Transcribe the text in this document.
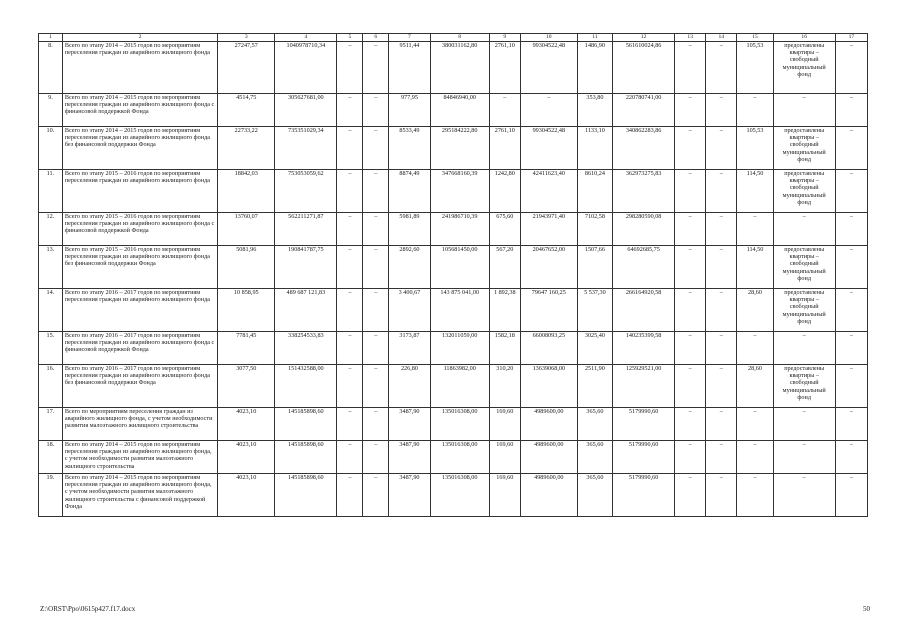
1	2	3	4	5	6	7	8	9	10	11	12	13	14	15	16	17
8.	Всего по этапу 2014 – 2015 годов по мероприятиям переселения граждан из аварийного жилищного фонда	27247,57	1040978710,34	–	–	9511,44	380031162,80	2761,10	99304522,48	1486,90	561610024,86	–	–	105,53	предоставлены квартиры – свободный муниципальный фонд	–
9.	Всего по этапу 2014 – 2015 годов по мероприятиям переселения граждан из аварийного жилищного фонда с финансовой поддержкой Фонда	4514,75	305627681,00	–	–	977,95	84846940,00	–	–	353,80	220780741,00	–	–	–	–	–
10.	Всего по этапу 2014 – 2015 годов по мероприятиям переселения граждан из аварийного жилищного фонда без финансовой поддержки Фонда	22733,22	735351029,34	–	–	8533,49	295184222,80	2761,10	99304522,48	1133,10	340862283,86	–	–	105,53	предоставлены квартиры – свободный муниципальный фонд	–
11.	Всего по этапу 2015 – 2016 годов по мероприятиям переселения граждан из аварийного жилищного фонда	18842,03	753053059,62	–	–	8874,49	347668160,39	1242,80	42411623,40	8610,24	362973275,83	–	–	114,50	предоставлены квартиры – свободный муниципальный фонд	–
12.	Всего по этапу 2015 – 2016 годов по мероприятиям переселения граждан из аварийного жилищного фонда с финансовой поддержкой Фонда	13760,07	562211271,87	–	–	5981,89	241986710,39	675,60	21943971,40	7102,58	298280590,08	–	–	–	–	–
13.	Всего по этапу 2015 – 2016 годов по мероприятиям переселения граждан из аварийного жилищного фонда без финансовой поддержки Фонда	5081,96	190841787,75	–	–	2892,60	105681450,00	567,20	20467652,00	1507,66	64692685,75	–	–	114,50	предоставлены квартиры – свободный муниципальный фонд	–
14.	Всего по этапу 2016 – 2017 годов по мероприятиям переселения граждан из аварийного жилищного фонда	10 858,95	489 687 121,83	–	–	3 400,67	143 875 041,00	1 892,38	79647 160,25	5 537,30	266164920,58	–	–	28,60	предоставлены квартиры – свободный муниципальный фонд	–
15.	Всего по этапу 2016 – 2017 годов по мероприятиям переселения граждан из аварийного жилищного фонда с финансовой поддержкой Фонда	7781,45	338254533,83	–	–	3173,87	132011059,00	1582,18	66008093,25	3025,40	140235399,58	–	–	–	–	–
16.	Всего по этапу 2016 – 2017 годов по мероприятиям переселения граждан из аварийного жилищного фонда без финансовой поддержки Фонда	3077,50	151432588,00	–	–	226,80	11863982,00	310,20	13639068,00	2511,90	125929521,00	–	–	28,60	предоставлены квартиры – свободный муниципальный фонд	–
17.	Всего по мероприятиям переселения граждан из аварийного жилищного фонда, с учетом необходимости развития малоэтажного жилищного строительства	4023,10	145185898,60	–	–	3487,90	135016308,00	169,60	4989600,00	365,60	5179990,60	–	–	–	–	–
18.	Всего по этапу 2014 – 2015 годов по мероприятиям переселения граждан из аварийного жилищного фонда, с учетом необходимости развития малоэтажного жилищного строительства	4023,10	145185898,60	–	–	3487,90	135016308,00	169,60	4989600,00	365,60	5179990,60	–	–	–	–	–
19.	Всего по этапу 2014 – 2015 годов по мероприятиям переселения граждан из аварийного жилищного фонда, с учетом необходимости развития малоэтажного жилищного строительства с финансовой поддержкой Фонда	4023,10	145185898,60	–	–	3487,90	135016308,00	169,60	4989600,00	365,60	5179990,60	–	–	–	–	–
Z:\ORST\Ppo\0615p427.f17.docx	50
